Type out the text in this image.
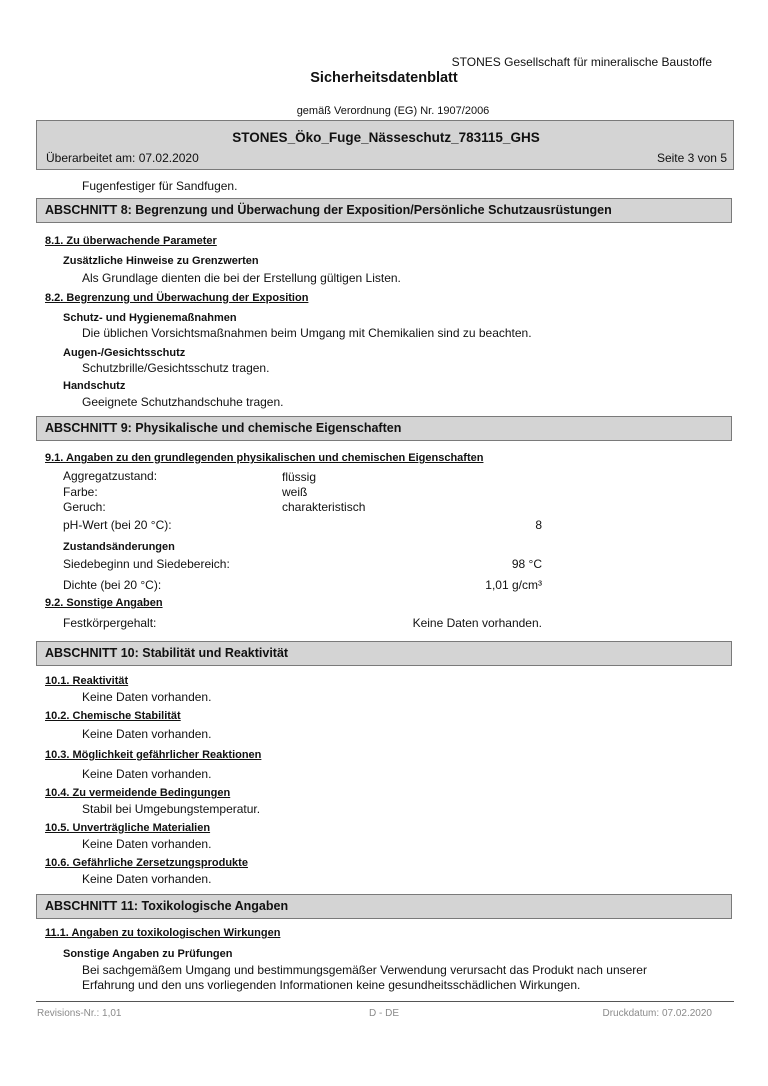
STONES Gesellschaft für mineralische Baustoffe
Sicherheitsdatenblatt
gemäß Verordnung (EG) Nr. 1907/2006
STONES_Öko_Fuge_Nässeschutz_783115_GHS
Überarbeitet am: 07.02.2020	Seite 3 von 5
Fugenfestiger für Sandfugen.
ABSCHNITT 8: Begrenzung und Überwachung der Exposition/Persönliche Schutzausrüstungen
8.1. Zu überwachende Parameter
Zusätzliche Hinweise zu Grenzwerten
Als Grundlage dienten die bei der Erstellung gültigen Listen.
8.2. Begrenzung und Überwachung der Exposition
Schutz- und Hygienemaßnahmen
Die üblichen Vorsichtsmaßnahmen beim Umgang mit Chemikalien sind zu beachten.
Augen-/Gesichtsschutz
Schutzbrille/Gesichtsschutz tragen.
Handschutz
Geeignete Schutzhandschuhe tragen.
ABSCHNITT 9: Physikalische und chemische Eigenschaften
9.1. Angaben zu den grundlegenden physikalischen und chemischen Eigenschaften
Aggregatzustand:	flüssig
Farbe:	weiß
Geruch:	charakteristisch
pH-Wert (bei 20 °C):	8
Zustandsänderungen
Siedebeginn und Siedebereich:	98 °C
Dichte (bei 20 °C):	1,01 g/cm³
9.2. Sonstige Angaben
Festkörpergehalt:	Keine Daten vorhanden.
ABSCHNITT 10: Stabilität und Reaktivität
10.1. Reaktivität
Keine Daten vorhanden.
10.2. Chemische Stabilität
Keine Daten vorhanden.
10.3. Möglichkeit gefährlicher Reaktionen
Keine Daten vorhanden.
10.4. Zu vermeidende Bedingungen
Stabil bei Umgebungstemperatur.
10.5. Unverträgliche Materialien
Keine Daten vorhanden.
10.6. Gefährliche Zersetzungsprodukte
Keine Daten vorhanden.
ABSCHNITT 11: Toxikologische Angaben
11.1. Angaben zu toxikologischen Wirkungen
Sonstige Angaben zu Prüfungen
Bei sachgemäßem Umgang und bestimmungsgemäßer Verwendung verursacht das Produkt nach unserer
Erfahrung und den uns vorliegenden Informationen keine gesundheitsschädlichen Wirkungen.
Revisions-Nr.: 1,01	D - DE	Druckdatum: 07.02.2020
